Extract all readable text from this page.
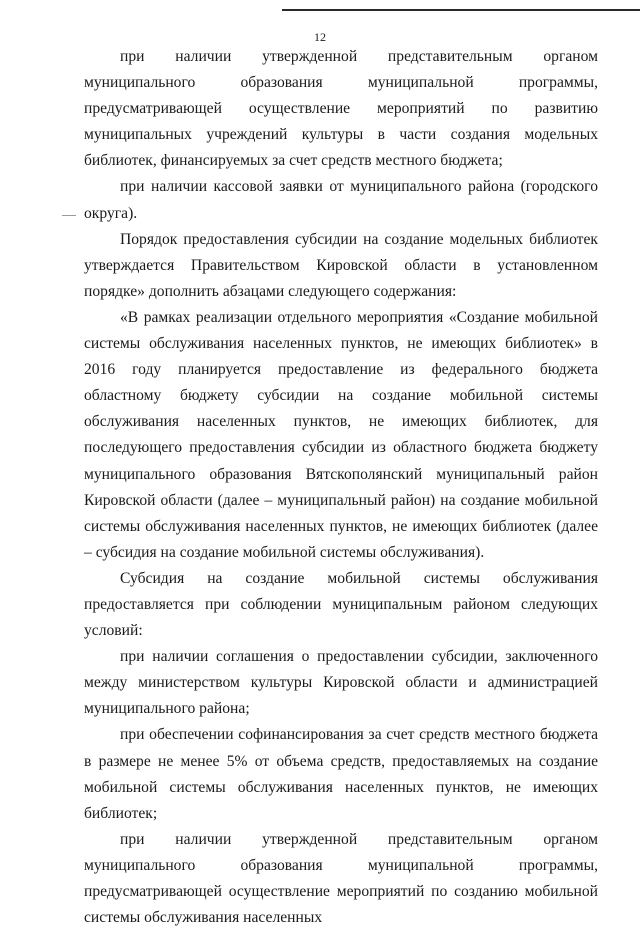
12

при наличии утвержденной представительным органом муниципального образования муниципальной программы, предусматривающей осуществление мероприятий по развитию муниципальных учреждений культуры в части создания модельных библиотек, финансируемых за счет средств местного бюджета;

при наличии кассовой заявки от муниципального района (городского округа).

Порядок предоставления субсидии на создание модельных библиотек утверждается Правительством Кировской области в установленном порядке» дополнить абзацами следующего содержания:

«В рамках реализации отдельного мероприятия «Создание мобильной системы обслуживания населенных пунктов, не имеющих библиотек» в 2016 году планируется предоставление из федерального бюджета областному бюджету субсидии на создание мобильной системы обслуживания населенных пунктов, не имеющих библиотек, для последующего предоставления субсидии из областного бюджета бюджету муниципального образования Вятскополянский муниципальный район Кировской области (далее – муниципальный район) на создание мобильной системы обслуживания населенных пунктов, не имеющих библиотек (далее – субсидия на создание мобильной системы обслуживания).

Субсидия на создание мобильной системы обслуживания предоставляется при соблюдении муниципальным районом следующих условий:

при наличии соглашения о предоставлении субсидии, заключенного между министерством культуры Кировской области и администрацией муниципального района;

при обеспечении софинансирования за счет средств местного бюджета в размере не менее 5% от объема средств, предоставляемых на создание мобильной системы обслуживания населенных пунктов, не имеющих библиотек;

при наличии утвержденной представительным органом муниципального образования муниципальной программы, предусматривающей осуществление мероприятий по созданию мобильной системы обслуживания населенных
